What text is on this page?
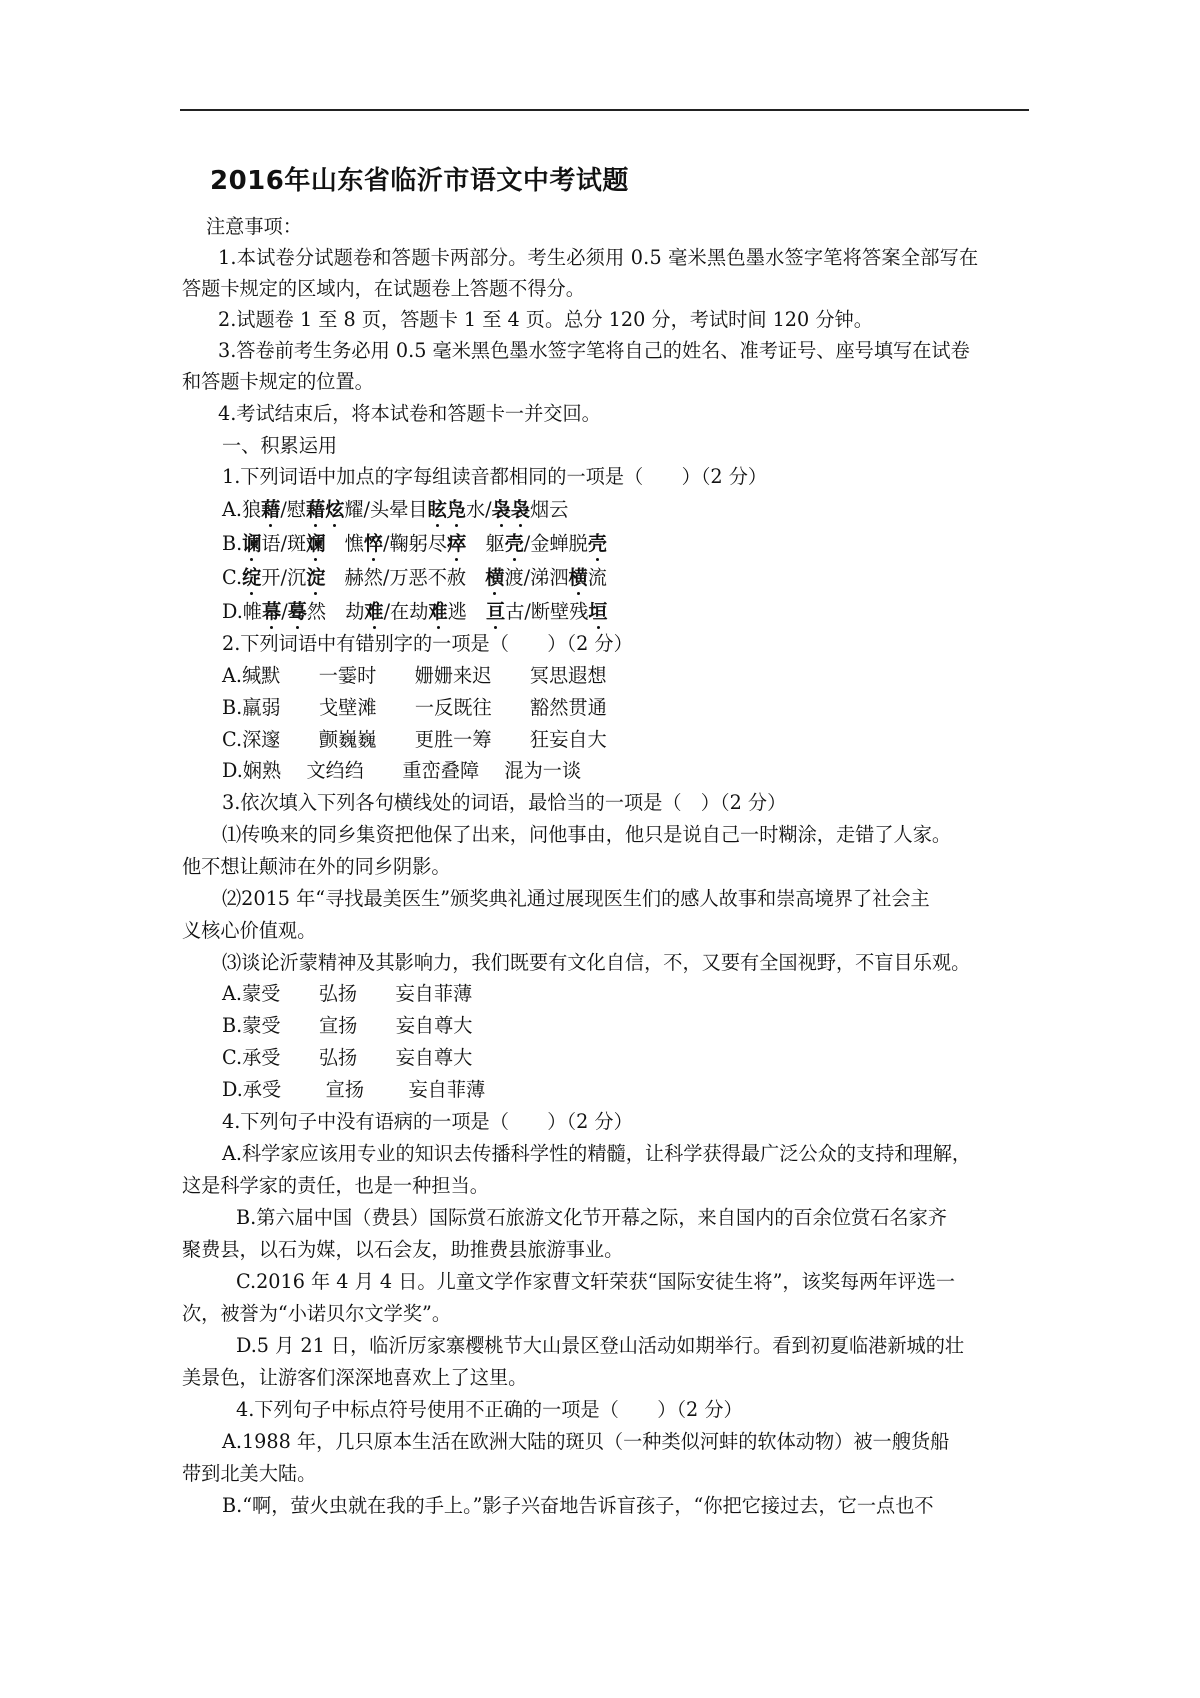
2016年山东省临沂市语文中考试题
注意事项：
1.本试卷分试题卷和答题卡两部分。考生必须用 0.5 毫米黑色墨水签字笔将答案全部写在
答题卡规定的区域内，在试题卷上答题不得分。
2.试题卷 1 至 8 页，答题卡 1 至 4 页。总分 120 分，考试时间 120 分钟。
3.答卷前考生务必用 0.5 毫米黑色墨水签字笔将自己的姓名、准考证号、座号填写在试卷
和答题卡规定的位置。
4.考试结束后，将本试卷和答题卡一并交回。
一、积累运用
1.下列词语中加点的字每组读音都相同的一项是（　　）（2 分）
A.狼藉/慰藉炫耀/头晕目眩凫水/袅袅烟云
B.谰语/斑斓　憔悴/鞠躬尽瘁　躯壳/金蝉脱壳
C.绽开/沉淀　赫然/万恶不赦　横渡/涕泗横流
D.帷幕/蓦然　劫难/在劫难逃　亘古/断壁残垣
2.下列词语中有错别字的一项是（　　）（2 分）
A.缄默　　一霎时　　姗姗来迟　　冥思遐想
B.羸弱　　戈壁滩　　一反既往　　豁然贯通
C.深邃　　颤巍巍　　更胜一筹　　狂妄自大
D.娴熟　 文绉绉　　重峦叠障　 混为一谈
3.依次填入下列各句横线处的词语，最恰当的一项是（　）（2 分）
⑴传唤来的同乡集资把他保了出来，问他事由，他只是说自己一时糊涂，走错了人家。
他不想让颠沛在外的同乡阴影。
⑵2015 年“寻找最美医生”颁奖典礼通过展现医生们的感人故事和崇高境界了社会主
义核心价值观。
⑶谈论沂蒙精神及其影响力，我们既要有文化自信，不，又要有全国视野，不盲目乐观。
A.蒙受　　弘扬　　妄自菲薄
B.蒙受　　宣扬　　妄自尊大
C.承受　　弘扬　　妄自尊大
D.承受　　 宣扬　　 妄自菲薄
4.下列句子中没有语病的一项是（　　）（2 分）
A.科学家应该用专业的知识去传播科学性的精髓，让科学获得最广泛公众的支持和理解，
这是科学家的责任，也是一种担当。
B.第六届中国（费县）国际赏石旅游文化节开幕之际，来自国内的百余位赏石名家齐
聚费县，以石为媒，以石会友，助推费县旅游事业。
C.2016 年 4 月 4 日。儿童文学作家曹文轩荣获“国际安徒生将”，该奖每两年评选一
次，被誉为“小诺贝尔文学奖”。
D.5 月 21 日，临沂厉家寨樱桃节大山景区登山活动如期举行。看到初夏临港新城的壮
美景色，让游客们深深地喜欢上了这里。
4.下列句子中标点符号使用不正确的一项是（　　）（2 分）
A.1988 年，几只原本生活在欧洲大陆的斑贝（一种类似河蚌的软体动物）被一艘货船
带到北美大陆。
B.“啊，萤火虫就在我的手上。”影子兴奋地告诉盲孩子，“你把它接过去，它一点也不
